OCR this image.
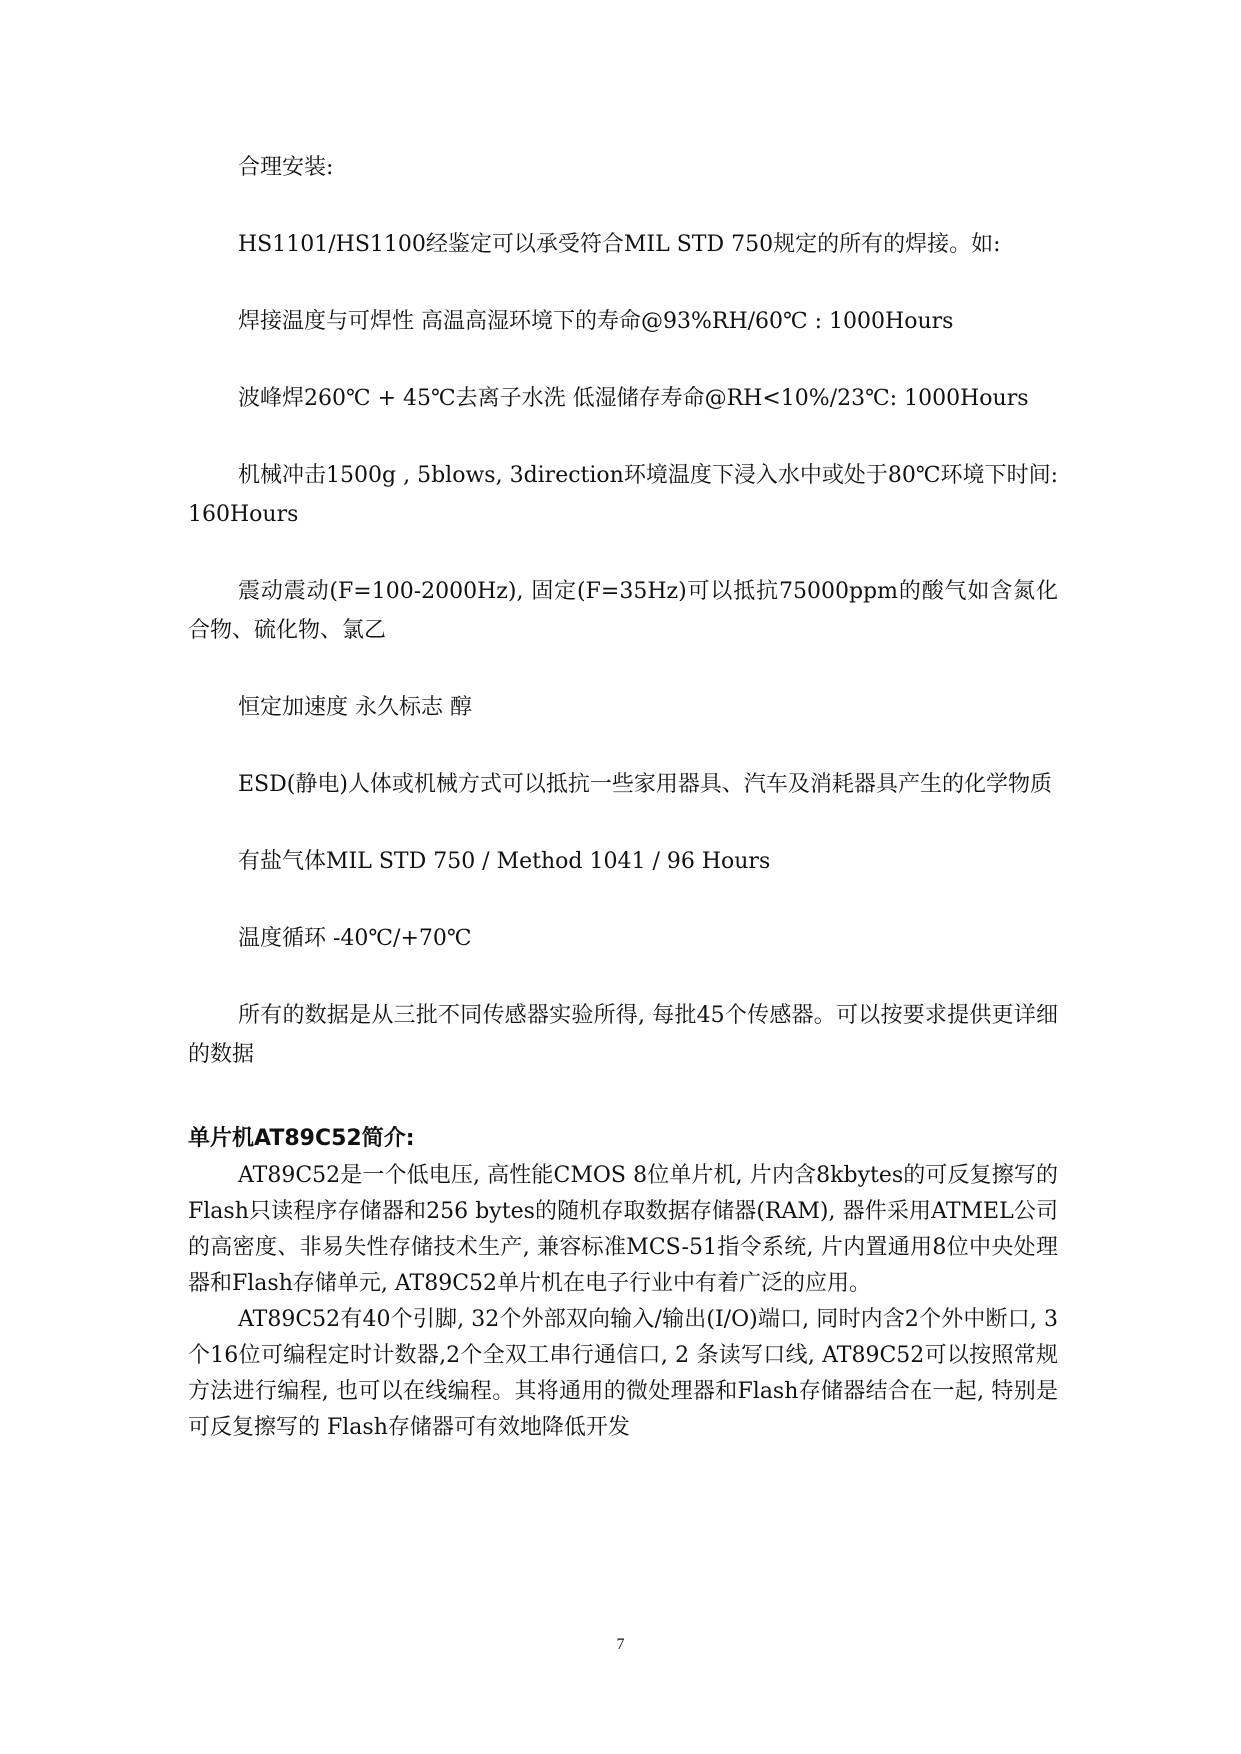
合理安装:

HS1101/HS1100经鉴定可以承受符合MIL STD 750规定的所有的焊接。如:

焊接温度与可焊性 高温高湿环境下的寿命@93%RH/60℃ : 1000Hours

波峰焊260℃ + 45℃去离子水洗 低湿储存寿命@RH<10%/23℃: 1000Hours

机械冲击1500g , 5blows, 3direction环境温度下浸入水中或处于80℃环境下时间: 160Hours

震动震动(F=100-2000Hz), 固定(F=35Hz)可以抵抗75000ppm的酸气如含氮化合物、硫化物、氯乙

恒定加速度 永久标志 醇

ESD(静电)人体或机械方式可以抵抗一些家用器具、汽车及消耗器具产生的化学物质

有盐气体MIL STD 750 / Method 1041 / 96 Hours

温度循环 -40℃/+70℃

所有的数据是从三批不同传感器实验所得, 每批45个传感器。可以按要求提供更详细的数据

单片机AT89C52简介:

AT89C52是一个低电压, 高性能CMOS 8位单片机, 片内含8kbytes的可反复擦写的Flash只读程序存储器和256 bytes的随机存取数据存储器(RAM), 器件采用ATMEL公司的高密度、非易失性存储技术生产, 兼容标准MCS-51指令系统, 片内置通用8位中央处理器和Flash存储单元, AT89C52单片机在电子行业中有着广泛的应用。

AT89C52有40个引脚, 32个外部双向输入/输出(I/O)端口, 同时内含2个外中断口, 3个16位可编程定时计数器,2个全双工串行通信口, 2 条读写口线, AT89C52可以按照常规方法进行编程, 也可以在线编程。其将通用的微处理器和Flash存储器结合在一起, 特别是可反复擦写的 Flash存储器可有效地降低开发

7
